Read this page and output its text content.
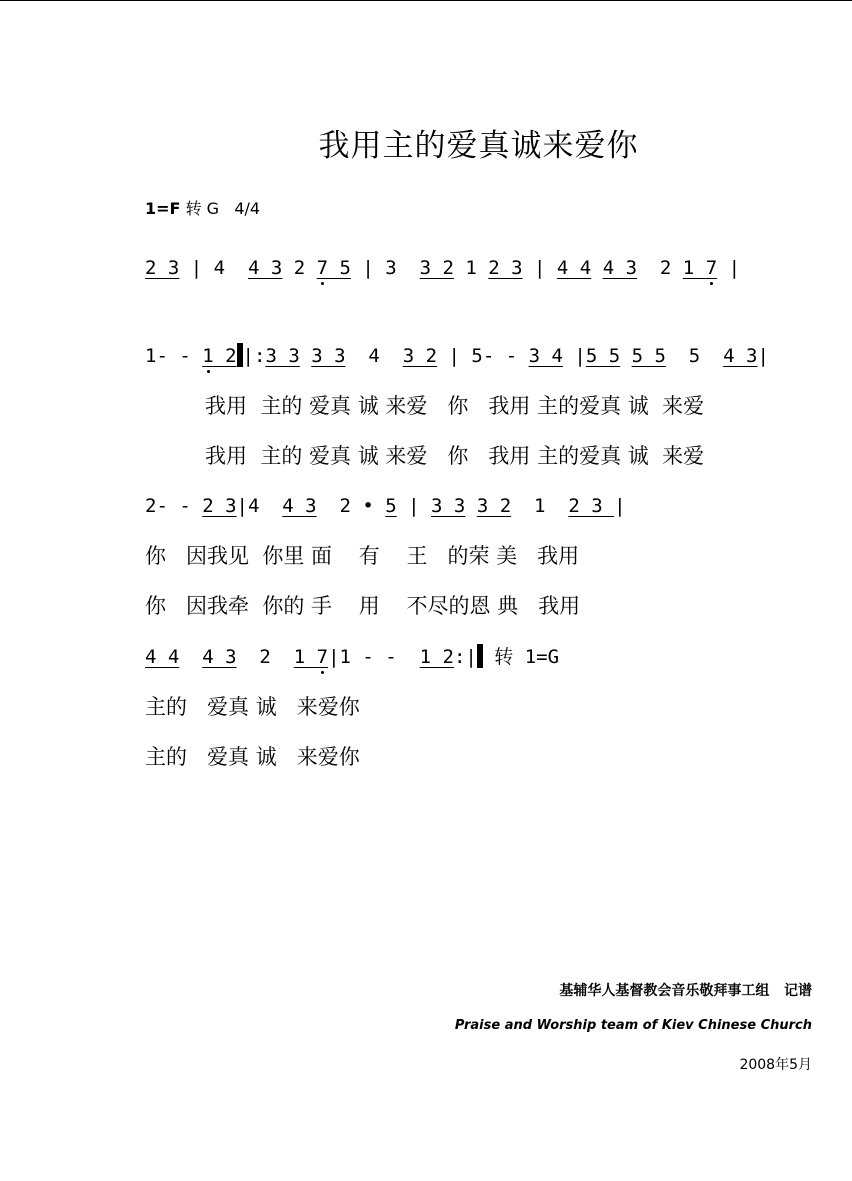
我用主的爱真诚来爱你
1=F 转 G 4/4
2 3 | 4  4 3 2 7 5 | 3  3 2 1 2 3 | 4 4 4 3  2 1 7 |
1- - 1 2 |:3 3 3 3  4  3 2 | 5- - 3 4 |5 5 5 5  5  4 3|
我用  主的 爱真 诚 来爱   你   我用 主的爱真 诚  来爱
我用  主的 爱真 诚 来爱   你   我用 主的爱真 诚  来爱
2- - 2 3|4  4 3  2 • 5 | 3 3 3 2  1  2 3 |
你   因我见  你里 面    有    王   的荣 美   我用
你   因我牵  你的 手    用    不尽的恩 典   我用
4 4 4 3  2  1 7|1 - -  1 2:| 转 1=G
主的   爱真 诚   来爱你
主的   爱真 诚   来爱你
基辅华人基督教会音乐敬拜事工组   记谱
Praise and Worship team of Kiev Chinese Church
2008年5月
